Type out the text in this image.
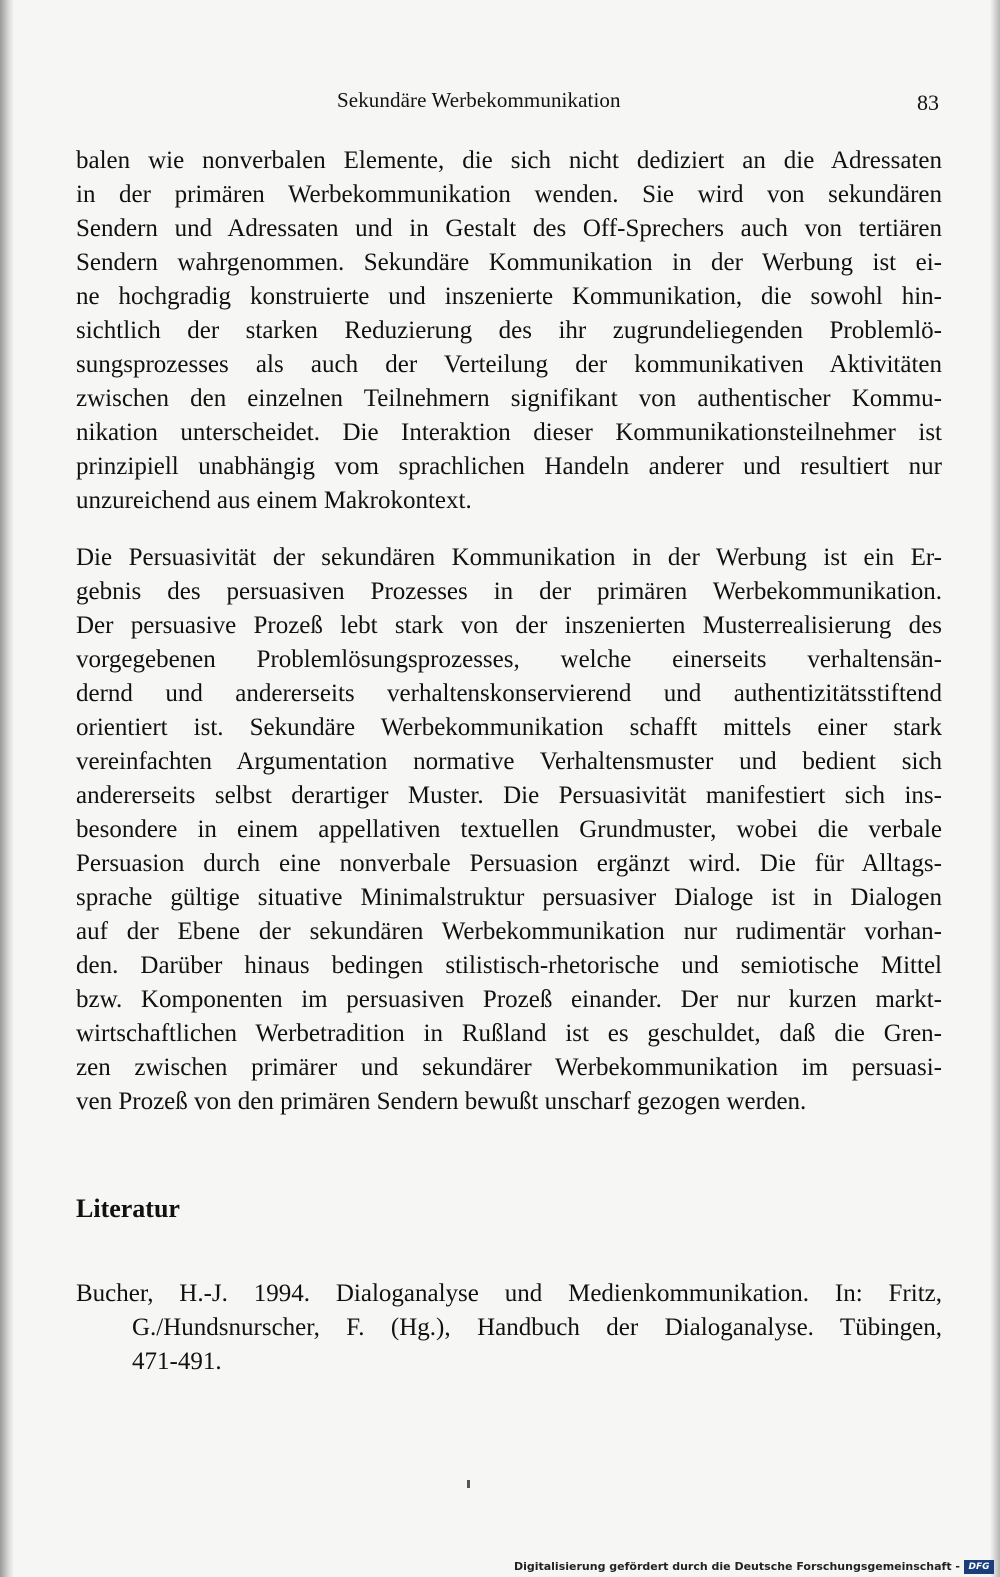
Sekundäre Werbekommunikation	83
balen wie nonverbalen Elemente, die sich nicht dediziert an die Adressaten
in der primären Werbekommunikation wenden. Sie wird von sekundären
Sendern und Adressaten und in Gestalt des Off-Sprechers auch von tertiären
Sendern wahrgenommen. Sekundäre Kommunikation in der Werbung ist ei-
ne hochgradig konstruierte und inszenierte Kommunikation, die sowohl hin-
sichtlich der starken Reduzierung des ihr zugrundeliegenden Problemlö-
sungsprozesses als auch der Verteilung der kommunikativen Aktivitäten
zwischen den einzelnen Teilnehmern signifikant von authentischer Kommu-
nikation unterscheidet. Die Interaktion dieser Kommunikationsteilnehmer ist
prinzipiell unabhängig vom sprachlichen Handeln anderer und resultiert nur
unzureichend aus einem Makrokontext.
Die Persuasivität der sekundären Kommunikation in der Werbung ist ein Er-
gebnis des persuasiven Prozesses in der primären Werbekommunikation.
Der persuasive Prozeß lebt stark von der inszenierten Musterrealisierung des
vorgegebenen Problemlösungsprozesses, welche einerseits verhaltensän-
dernd und andererseits verhaltenskonservierend und authentizitätsstiftend
orientiert ist. Sekundäre Werbekommunikation schafft mittels einer stark
vereinfachten Argumentation normative Verhaltensmuster und bedient sich
andererseits selbst derartiger Muster. Die Persuasivität manifestiert sich ins-
besondere in einem appellativen textuellen Grundmuster, wobei die verbale
Persuasion durch eine nonverbale Persuasion ergänzt wird. Die für Alltags-
sprache gültige situative Minimalstruktur persuasiver Dialoge ist in Dialogen
auf der Ebene der sekundären Werbekommunikation nur rudimentär vorhan-
den. Darüber hinaus bedingen stilistisch-rhetorische und semiotische Mittel
bzw. Komponenten im persuasiven Prozeß einander. Der nur kurzen markt-
wirtschaftlichen Werbetradition in Rußland ist es geschuldet, daß die Gren-
zen zwischen primärer und sekundärer Werbekommunikation im persuasi-
ven Prozeß von den primären Sendern bewußt unscharf gezogen werden.
Literatur
Bucher, H.-J. 1994. Dialoganalyse und Medienkommunikation. In: Fritz,
G./Hundsnurscher, F. (Hg.), Handbuch der Dialoganalyse. Tübingen,
471-491.
Digitalisierung gefördert durch die Deutsche Forschungsgemeinschaft - DFG
